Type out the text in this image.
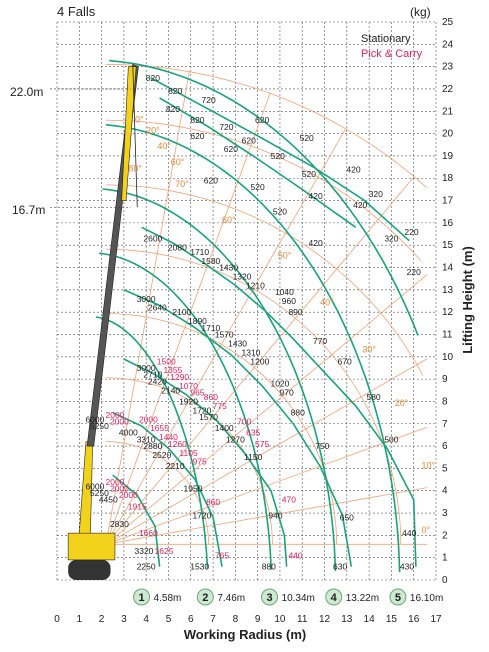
0°
10°
20°
30°
40°
50°
60°
70°
80°
0°
20°
40°
60°
820
820
720
820
820
720
620
620	620	520
620
520
420
520
620
520
420	320
420
520
220
320
420
2600
2080 1710
1580
1430
1320
1210
220
3000
2640 2100
1040
960
890
1890
1710
1570
1430
1310
770
1200
3000
1500
2710 1355
2420 1290
2140
1070
965
1920 860
1720 775
670
1020
970	580
6000 2000
5250 2000 2000
4000 1655
3310 1440
2880 1260
2520 1105
1570
1400
700
1270
635
575
880
2210 975	1150
750
500
6000 2000
5250 2000
4450 2000
1915
2830
1950
860
1720	940
470
650
1660	440
3320 1625
2250	1530
765
880
440
630	430
0 1 2 3 4 5 6 7 8 9 10 11 12 13 14 15 16 17
0
1
2
3
4
5
6
7
8
9
10
11
12
13
14
15
16
17
18
19
20
21
22
23
24
25
1 4.58m 2 7.46m 3 10.34m 4 13.22m 5 16.10m
4 Falls	(kg)
Stationary
Pick & Carry
Working Radius (m)
Lifting Height (m)
22.0m
16.7m
